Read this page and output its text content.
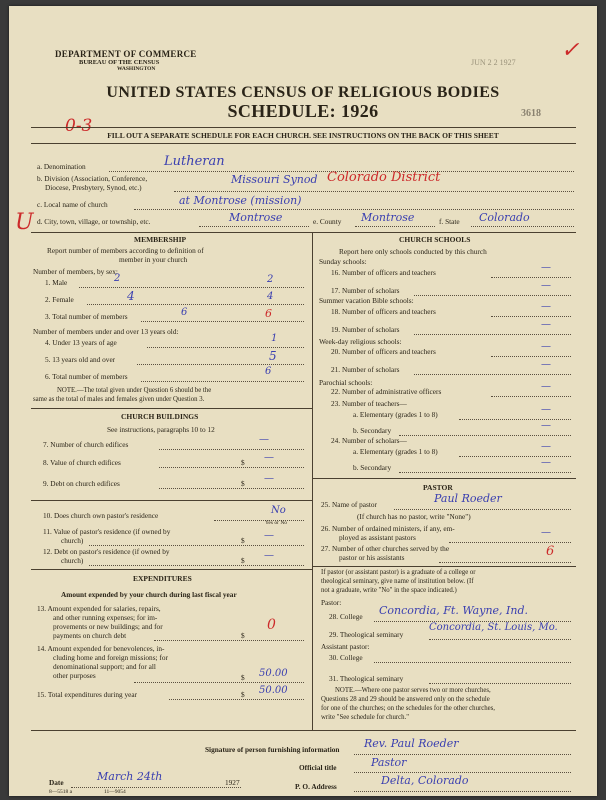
DEPARTMENT OF COMMERCE
BUREAU OF THE CENSUS
WASHINGTON
JUN 2 2 1927 ✓
UNITED STATES CENSUS OF RELIGIOUS BODIES
SCHEDULE: 1926	3618
0-3	FILL OUT A SEPARATE SCHEDULE FOR EACH CHURCH. SEE INSTRUCTIONS ON THE BACK OF THIS SHEET
a. Denomination	Lutheran
b. Division (Association, Conference,
Diocese, Presbytery, Synod, etc.)
Missouri Synod Colorado District
c. Local name of church	at Montrose (mission)
U d. City, town, village, or township, etc.	Montrose	e. County Montrose	f. State Colorado
MEMBERSHIP
Report number of members according to definition of
member in your church
Number of members, by sex:
1. Male	2	2
2. Female	4	4
3. Total number of members	6	6
Number of members under and over 13 years old:
4. Under 13 years of age	1
5. 13 years old and over	5
6. Total number of members	6
NOTE.—The total given under Question 6 should be the
same as the total of males and females given under Question 3.
CHURCH BUILDINGS
See instructions, paragraphs 10 to 12
7. Number of church edifices	—
8. Value of church edifices	$ —
9. Debt on church edifices	$ —
10. Does church own pastor's residence	No
Yes or No
11. Value of pastor's residence (if owned by
church)	$ —
12. Debt on pastor's residence (if owned by
church)	$ —
EXPENDITURES
Amount expended by your church during last fiscal year
13. Amount expended for salaries, repairs,
and other running expenses; for im-
provements or new buildings; and for
payments on church debt	$
0
14. Amount expended for benevolences, in-
cluding home and foreign missions; for
denominational support; and for all
other purposes	$ 50.00
15. Total expenditures during year	$ 50.00
CHURCH SCHOOLS
Report here only schools conducted by this church
Sunday schools:
16. Number of officers and teachers	—
17. Number of scholars	—
Summer vacation Bible schools:
18. Number of officers and teachers	—
19. Number of scholars	—
Week-day religious schools:
20. Number of officers and teachers	—
21. Number of scholars	—
Parochial schools:
22. Number of administrative officers	—
23. Number of teachers—
a. Elementary (grades 1 to 8)	—
b. Secondary	—
24. Number of scholars—
a. Elementary (grades 1 to 8)	—
b. Secondary	—
PASTOR
25. Name of pastor	Paul Roeder
(If church has no pastor, write "None")
26. Number of ordained ministers, if any, em-
ployed as assistant pastors	—
27. Number of other churches served by the
pastor or his assistants	6
If pastor (or assistant pastor) is a graduate of a college or
theological seminary, give name of institution below. (If
not a graduate, write "No" in the space indicated.)
Pastor:
28. College Concordia, Ft. Wayne, Ind.
29. Theological seminary
Concordia, St. Louis, Mo.
Assistant pastor:
30. College
31. Theological seminary
NOTE.—Where one pastor serves two or more churches,
Questions 28 and 29 should be answered only on the schedule
for one of the churches; on the schedules for the other churches,
write "See schedule for church."
Signature of person furnishing information Rev. Paul Roeder
Official title	Pastor
Date	March 24th	1927	P. O. Address	Delta, Colorado
8—5518 a	11—9054
